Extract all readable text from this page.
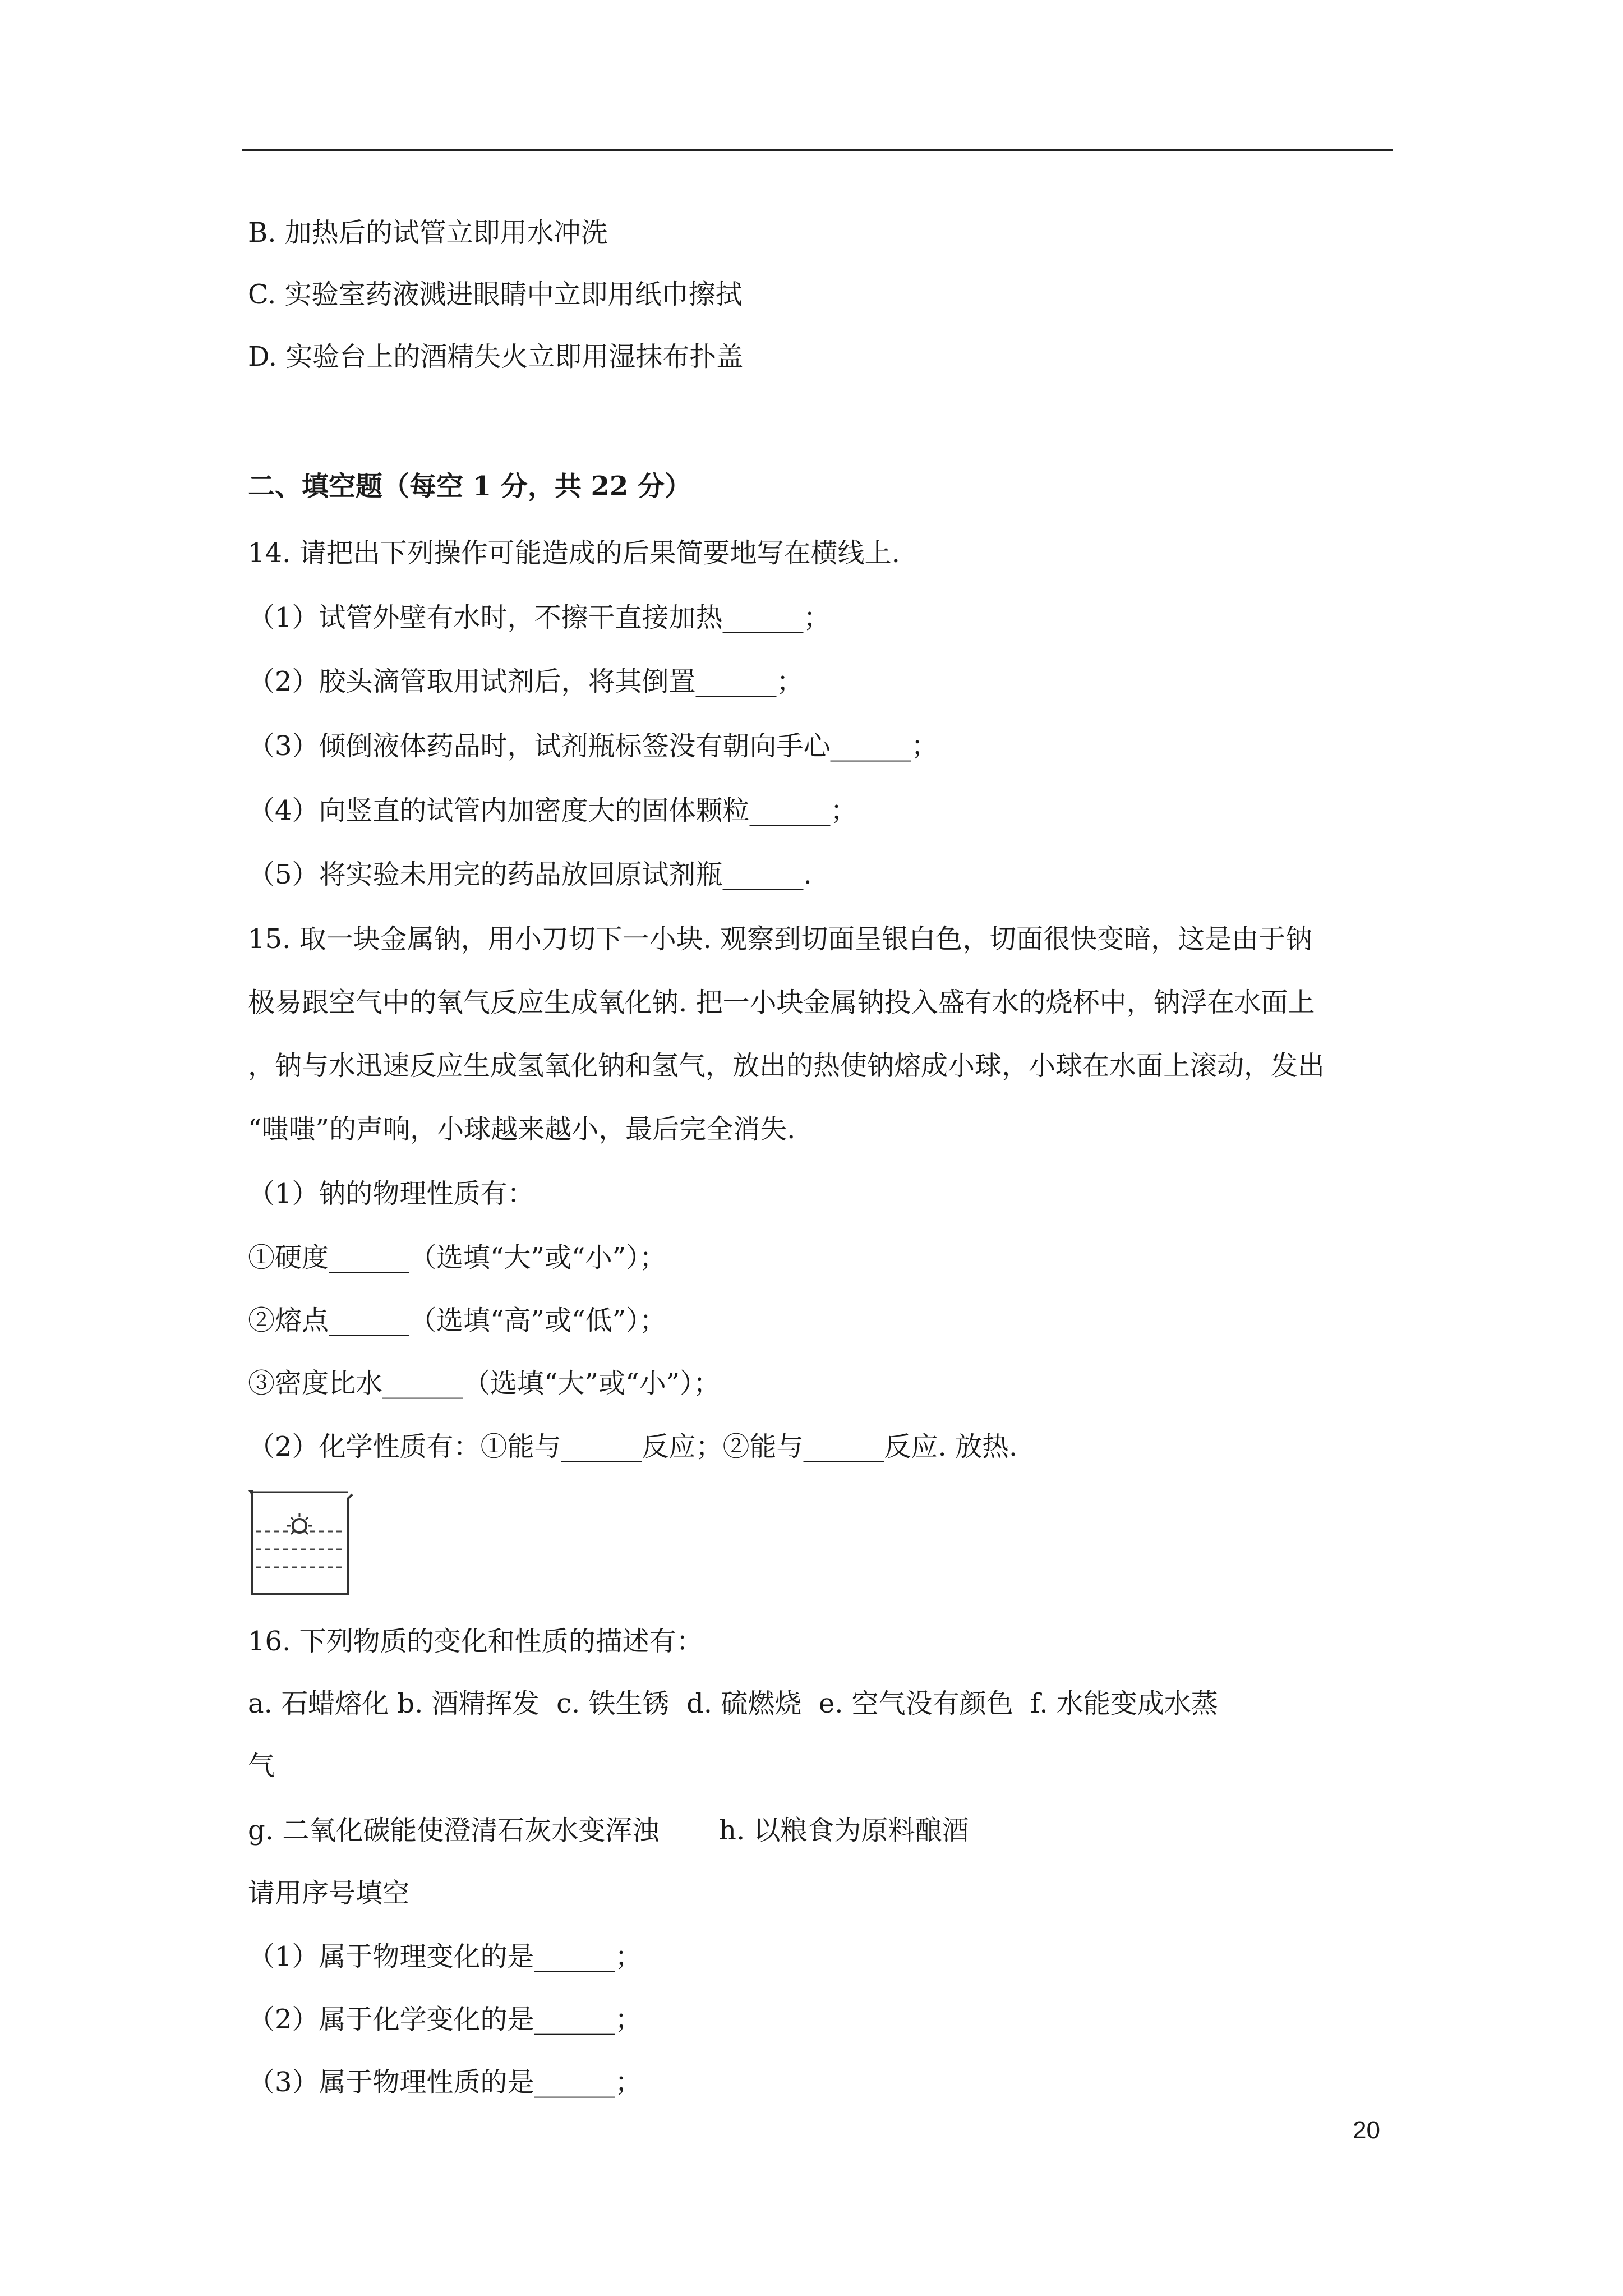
B. 加热后的试管立即用水冲洗
C. 实验室药液溅进眼睛中立即用纸巾擦拭
D. 实验台上的酒精失火立即用湿抹布扑盖
二、填空题（每空 1 分，共 22 分）
14. 请把出下列操作可能造成的后果简要地写在横线上.
（1）试管外壁有水时，不擦干直接加热______；
（2）胶头滴管取用试剂后，将其倒置______；
（3）倾倒液体药品时，试剂瓶标签没有朝向手心______；
（4）向竖直的试管内加密度大的固体颗粒______；
（5）将实验未用完的药品放回原试剂瓶______.
15. 取一块金属钠，用小刀切下一小块. 观察到切面呈银白色，切面很快变暗，这是由于钠
极易跟空气中的氧气反应生成氧化钠. 把一小块金属钠投入盛有水的烧杯中，钠浮在水面上
，钠与水迅速反应生成氢氧化钠和氢气，放出的热使钠熔成小球，小球在水面上滚动，发出
“嗤嗤”的声响，小球越来越小，最后完全消失.
（1）钠的物理性质有：
①硬度______（选填“大”或“小”）；
②熔点______（选填“高”或“低”）；
③密度比水______（选填“大”或“小”）；
（2）化学性质有：①能与______反应；②能与______反应. 放热.
16. 下列物质的变化和性质的描述有：
a. 石蜡熔化 b. 酒精挥发  c. 铁生锈  d. 硫燃烧  e. 空气没有颜色  f. 水能变成水蒸
气
g. 二氧化碳能使澄清石灰水变浑浊       h. 以粮食为原料酿酒
请用序号填空
（1）属于物理变化的是______；
（2）属于化学变化的是______；
（3）属于物理性质的是______；
20
